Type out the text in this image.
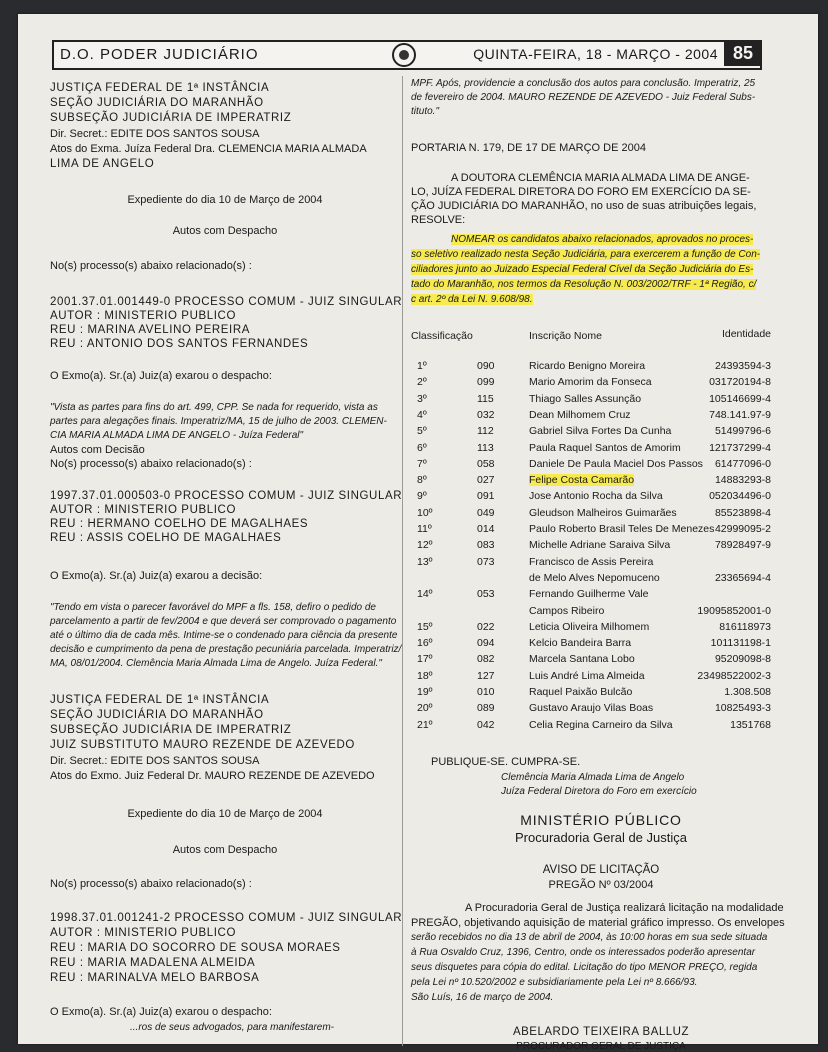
D.O. PODER JUDICIÁRIO	QUINTA-FEIRA, 18 - MARÇO - 2004 85
JUSTIÇA FEDERAL DE 1ª INSTÂNCIA
SEÇÃO JUDICIÁRIA DO MARANHÃO
SUBSEÇÃO JUDICIÁRIA DE IMPERATRIZ
Dir. Secret.: EDITE DOS SANTOS SOUSA
Atos do Exma. Juíza Federal Dra. CLEMENCIA MARIA ALMADA
LIMA DE ANGELO
Expediente do dia 10 de Março de 2004
Autos com Despacho
No(s) processo(s) abaixo relacionado(s) :
2001.37.01.001449-0 PROCESSO COMUM - JUIZ SINGULAR
AUTOR : MINISTERIO PUBLICO
REU : MARINA AVELINO PEREIRA
REU : ANTONIO DOS SANTOS FERNANDES
O Exmo(a). Sr.(a) Juiz(a) exarou o despacho:
"Vista as partes para fins do art. 499, CPP. Se nada for requerido, vista as
partes para alegações finais. Imperatriz/MA, 15 de julho de 2003. CLEMEN-
CIA MARIA ALMADA LIMA DE ANGELO - Juíza Federal"
Autos com Decisão
No(s) processo(s) abaixo relacionado(s) :
1997.37.01.000503-0 PROCESSO COMUM - JUIZ SINGULAR
AUTOR : MINISTERIO PUBLICO
REU : HERMANO COELHO DE MAGALHAES
REU : ASSIS COELHO DE MAGALHAES
O Exmo(a). Sr.(a) Juiz(a) exarou a decisão:
"Tendo em vista o parecer favorável do MPF a fls. 158, defiro o pedido de
parcelamento a partir de fev/2004 e que deverá ser comprovado o pagamento
até o último dia de cada mês. Intime-se o condenado para ciência da presente
decisão e cumprimento da pena de prestação pecuniária parcelada. Imperatriz/
MA, 08/01/2004. Clemência Maria Almada Lima de Angelo. Juíza Federal."
JUSTIÇA FEDERAL DE 1ª INSTÂNCIA
SEÇÃO JUDICIÁRIA DO MARANHÃO
SUBSEÇÃO JUDICIÁRIA DE IMPERATRIZ
JUIZ SUBSTITUTO MAURO REZENDE DE AZEVEDO
Dir. Secret.: EDITE DOS SANTOS SOUSA
Atos do Exmo. Juiz Federal Dr. MAURO REZENDE DE AZEVEDO
Expediente do dia 10 de Março de 2004
Autos com Despacho
No(s) processo(s) abaixo relacionado(s) :
1998.37.01.001241-2 PROCESSO COMUM - JUIZ SINGULAR
AUTOR : MINISTERIO PUBLICO
REU : MARIA DO SOCORRO DE SOUSA MORAES
REU : MARIA MADALENA ALMEIDA
REU : MARINALVA MELO BARBOSA
O Exmo(a). Sr.(a) Juiz(a) exarou o despacho:
...ros de seus advogados, para manifestarem-
MPF. Após, providencie a conclusão dos autos para conclusão. Imperatriz, 25
de fevereiro de 2004. MAURO REZENDE DE AZEVEDO - Juiz Federal Subs-
tituto."
PORTARIA N. 179, DE 17 DE MARÇO DE 2004
A DOUTORA CLEMÊNCIA MARIA ALMADA LIMA DE ANGE-
LO, JUÍZA FEDERAL DIRETORA DO FORO EM EXERCÍCIO DA SE-
ÇÃO JUDICIÁRIA DO MARANHÃO, no uso de suas atribuições legais,
RESOLVE:
NOMEAR os candidatos abaixo relacionados, aprovados no proces-
so seletivo realizado nesta Seção Judiciária, para exercerem a função de Con-
ciliadores junto ao Juizado Especial Federal Cível da Seção Judiciária do Es-
tado do Maranhão, nos termos da Resolução N. 003/2002/TRF - 1ª Região, c/
c art. 2º da Lei N. 9.608/98.
Classificação	Inscrição Nome	Identidade
1º	090	Ricardo Benigno Moreira	24393594-3
2º	099	Mario Amorim da Fonseca	031720194-8
3º	115	Thiago Salles Assunção	105146699-4
4º	032	Dean Milhomem Cruz	748.141.97-9
5º	112	Gabriel Silva Fortes Da Cunha	51499796-6
6º	113	Paula Raquel Santos de Amorim	121737299-4
7º	058	Daniele De Paula Maciel Dos Passos 61477096-0
8º	027	Felipe Costa Camarão	14883293-8
9º	091	Jose Antonio Rocha da Silva	052034496-0
10º	049	Gleudson Malheiros Guimarães	85523898-4
11º	014	Paulo Roberto Brasil Teles De Menezes 42999095-2
12º	083	Michelle Adriane Saraiva Silva	78928497-9
13º	073	Francisco de Assis Pereira
de Melo Alves Nepomuceno	23365694-4
14º	053	Fernando Guilherme Vale
Campos Ribeiro	19095852001-0
15º	022	Leticia Oliveira Milhomem	816118973
16º	094	Kelcio Bandeira Barra	101131198-1
17º	082	Marcela Santana Lobo	95209098-8
18º	127	Luis André Lima Almeida	23498522002-3
19º	010	Raquel Paixão Bulcão	1.308.508
20º	089	Gustavo Araujo Vilas Boas	10825493-3
21º	042	Celia Regina Carneiro da Silva	1351768
PUBLIQUE-SE. CUMPRA-SE.
Clemência Maria Almada Lima de Angelo
Juíza Federal Diretora do Foro em exercício
MINISTÉRIO PÚBLICO
Procuradoria Geral de Justiça
AVISO DE LICITAÇÃO
PREGÃO Nº 03/2004
A Procuradoria Geral de Justiça realizará licitação na modalidade
PREGÃO, objetivando aquisição de material gráfico impresso. Os envelopes
serão recebidos no dia 13 de abril de 2004, às 10:00 horas em sua sede situada
à Rua Osvaldo Cruz, 1396, Centro, onde os interessados poderão apresentar
seus disquetes para cópia do edital. Licitação do tipo MENOR PREÇO, regida
pela Lei nº 10.520/2002 e subsidiariamente pela Lei nº 8.666/93.
São Luís, 16 de março de 2004.
ABELARDO TEIXEIRA BALLUZ
PROCURADOR GERAL DE JUSTIÇA
